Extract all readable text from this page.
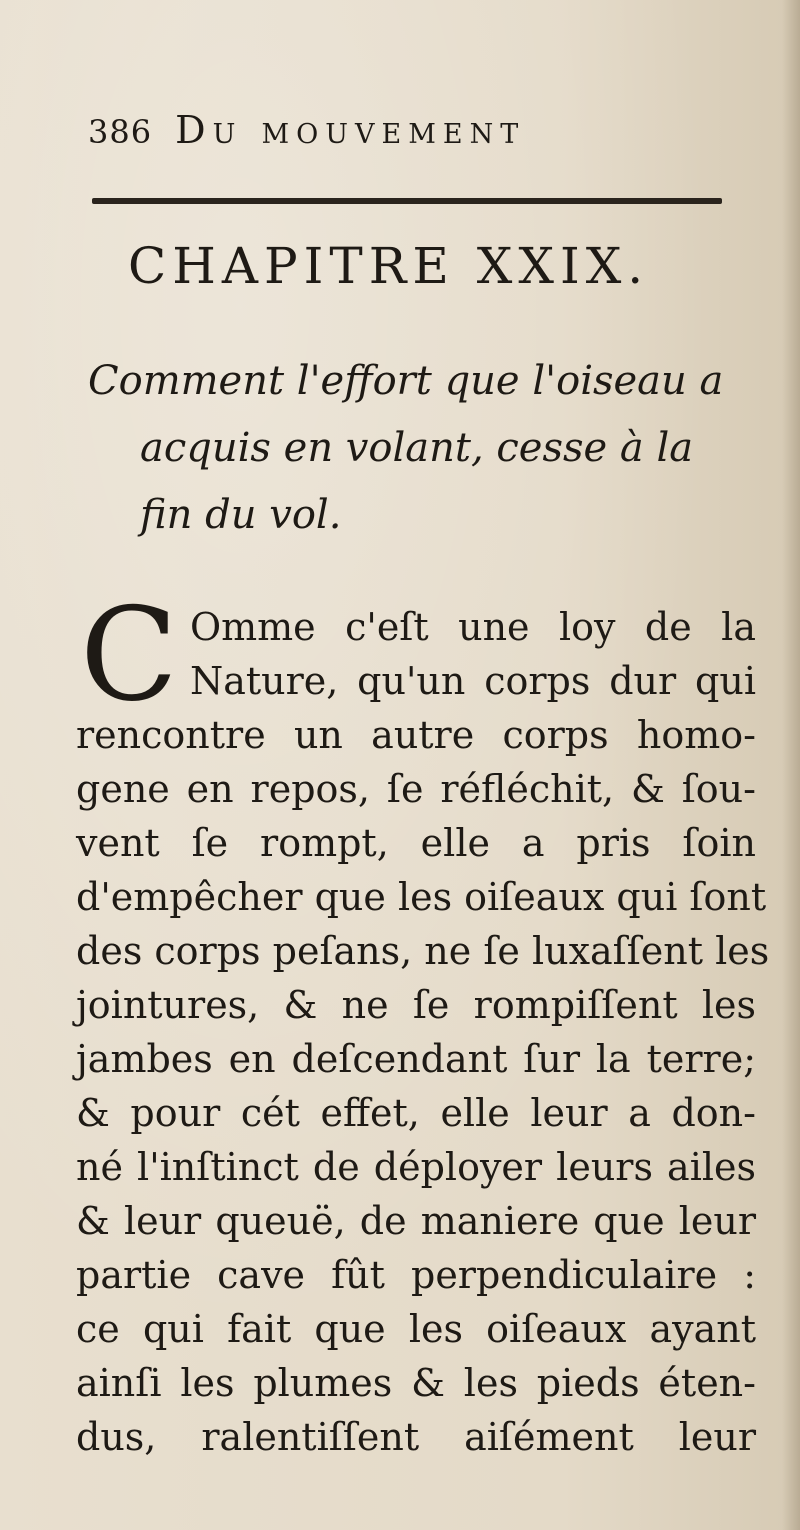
386 Du mouvement
CHAPITRE XXIX.
Comment l'effort que l'oiseau a
acquis en volant, cesse à la
fin du vol.
C Omme c'eſt une loy de la
Nature, qu'un corps dur qui
rencontre un autre corps homo-
gene en repos, ſe réfléchit, & ſou-
vent ſe rompt, elle a pris ſoin
d'empêcher que les oiſeaux qui ſont
des corps peſans, ne ſe luxaſſent les
jointures, & ne ſe rompiſſent les
jambes en deſcendant ſur la terre;
& pour cét effet, elle leur a don-
né l'inſtinct de déployer leurs ailes
& leur queuë, de maniere que leur
partie cave fût perpendiculaire :
ce qui fait que les oiſeaux ayant
ainſi les plumes & les pieds éten-
dus, ralentiſſent aiſément leur
